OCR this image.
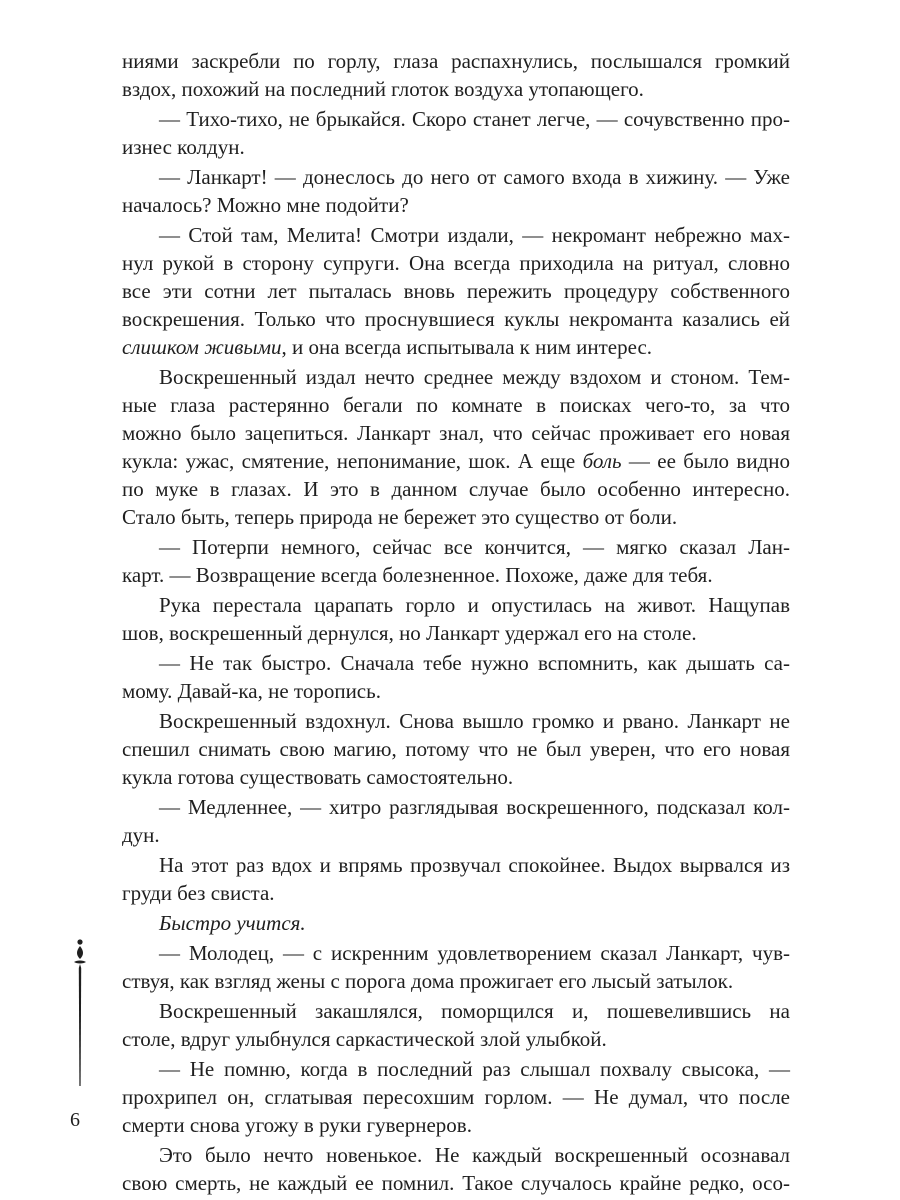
ниями заскребли по горлу, глаза распахнулись, послышался громкий
вздох, похожий на последний глоток воздуха утопающего.
— Тихо-тихо, не брыкайся. Скоро станет легче, — сочувственно про-
изнес колдун.
— Ланкарт! — донеслось до него от самого входа в хижину. — Уже
началось? Можно мне подойти?
— Стой там, Мелита! Смотри издали, — некромант небрежно мах-
нул рукой в сторону супруги. Она всегда приходила на ритуал, словно
все эти сотни лет пыталась вновь пережить процедуру собственного
воскрешения. Только что проснувшиеся куклы некроманта казались ей
слишком живыми, и она всегда испытывала к ним интерес.
Воскрешенный издал нечто среднее между вздохом и стоном. Тем-
ные глаза растерянно бегали по комнате в поисках чего-то, за что
можно было зацепиться. Ланкарт знал, что сейчас проживает его новая
кукла: ужас, смятение, непонимание, шок. А еще боль — ее было видно
по муке в глазах. И это в данном случае было особенно интересно.
Стало быть, теперь природа не бережет это существо от боли.
— Потерпи немного, сейчас все кончится, — мягко сказал Лан-
карт. — Возвращение всегда болезненное. Похоже, даже для тебя.
Рука перестала царапать горло и опустилась на живот. Нащупав
шов, воскрешенный дернулся, но Ланкарт удержал его на столе.
— Не так быстро. Сначала тебе нужно вспомнить, как дышать са-
мому. Давай-ка, не торопись.
Воскрешенный вздохнул. Снова вышло громко и рвано. Ланкарт не
спешил снимать свою магию, потому что не был уверен, что его новая
кукла готова существовать самостоятельно.
— Медленнее, — хитро разглядывая воскрешенного, подсказал кол-
дун.
На этот раз вдох и впрямь прозвучал спокойнее. Выдох вырвался из
груди без свиста.
Быстро учится.
— Молодец, — с искренним удовлетворением сказал Ланкарт, чув-
ствуя, как взгляд жены с порога дома прожигает его лысый затылок.
Воскрешенный закашлялся, поморщился и, пошевелившись на
столе, вдруг улыбнулся саркастической злой улыбкой.
— Не помню, когда в последний раз слышал похвалу свысока, —
прохрипел он, сглатывая пересохшим горлом. — Не думал, что после
смерти снова угожу в руки гувернеров.
Это было нечто новенькое. Не каждый воскрешенный осознавал
свою смерть, не каждый ее помнил. Такое случалось крайне редко, осо-
6
